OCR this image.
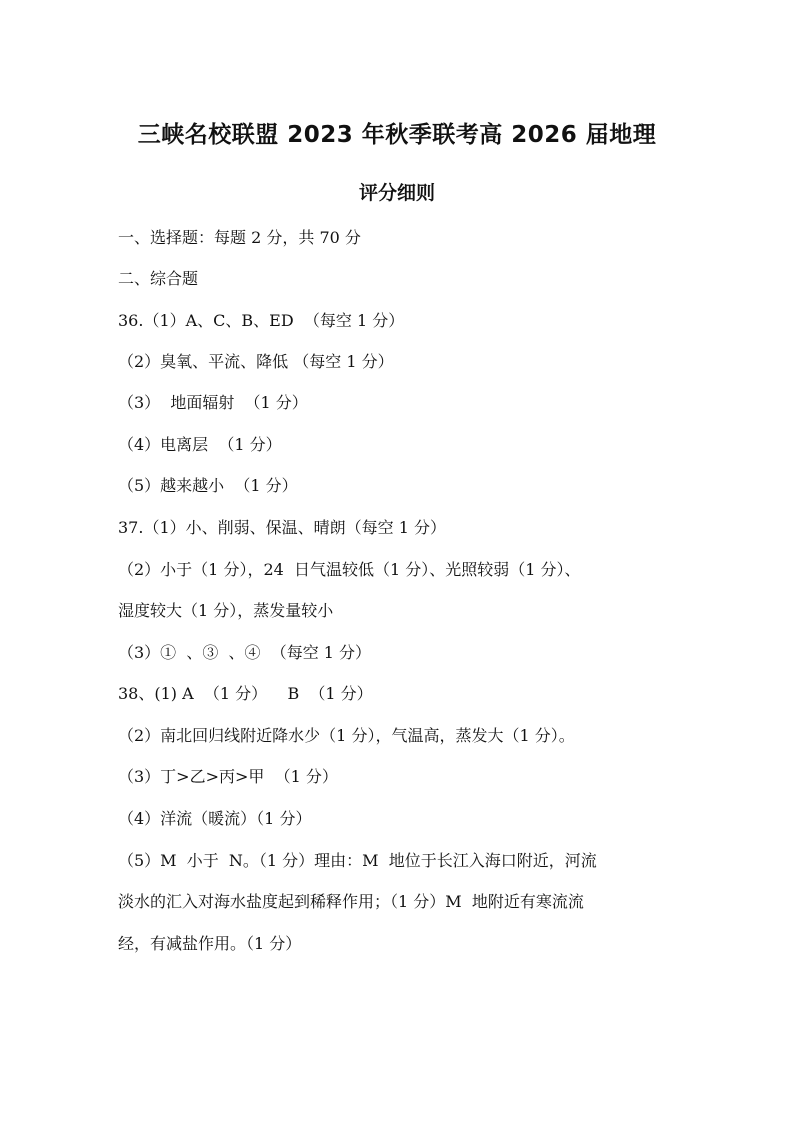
三峡名校联盟 2023 年秋季联考高 2026 届地理
评分细则
一、选择题：每题 2 分，共 70 分
二、综合题
36.（1）A、C、B、ED  （每空 1 分）
（2）臭氧、平流、降低 （每空 1 分）
（3）  地面辐射  （1 分）
（4）电离层  （1 分）
（5）越来越小  （1 分）
37.（1）小、削弱、保温、晴朗（每空 1 分）
（2）小于（1 分），24  日气温较低（1 分）、光照较弱（1 分）、
湿度较大（1 分），蒸发量较小
（3）①  、③  、④  （每空 1 分）
38、(1) A  （1 分）    B  （1 分）
（2）南北回归线附近降水少（1 分），气温高，蒸发大（1 分）。
（3）丁>乙>丙>甲  （1 分）
（4）洋流（暖流）（1 分）
（5）M  小于  N。（1 分）理由：M  地位于长江入海口附近，河流
淡水的汇入对海水盐度起到稀释作用；（1 分）M  地附近有寒流流
经，有减盐作用。（1 分）
